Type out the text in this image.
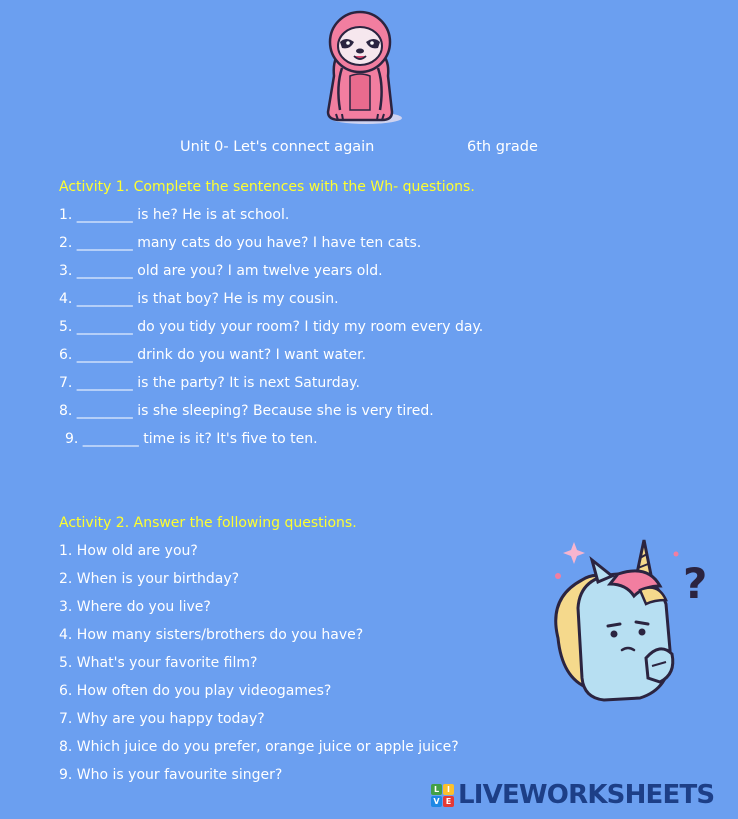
Unit 0- Let's connect again	6th grade
Activity 1. Complete the sentences with the Wh- questions.
1. ________ is he? He is at school.
2. ________ many cats do you have? I have ten cats.
3. ________ old are you? I am twelve years old.
4. ________ is that boy? He is my cousin.
5. ________ do you tidy your room? I tidy my room every day.
6. ________ drink do you want? I want water.
7. ________ is the party? It is next Saturday.
8. ________ is she sleeping? Because she is very tired.
9. ________ time is it? It's five to ten.
Activity 2. Answer the following questions.
1. How old are you?
2. When is your birthday?
3. Where do you live?
4. How many sisters/brothers do you have?
5. What's your favorite film?
6. How often do you play videogames?
7. Why are you happy today?
8. Which juice do you prefer, orange juice or apple juice?
9. Who is your favourite singer?
?
L I
V E LIVEWORKSHEETS
